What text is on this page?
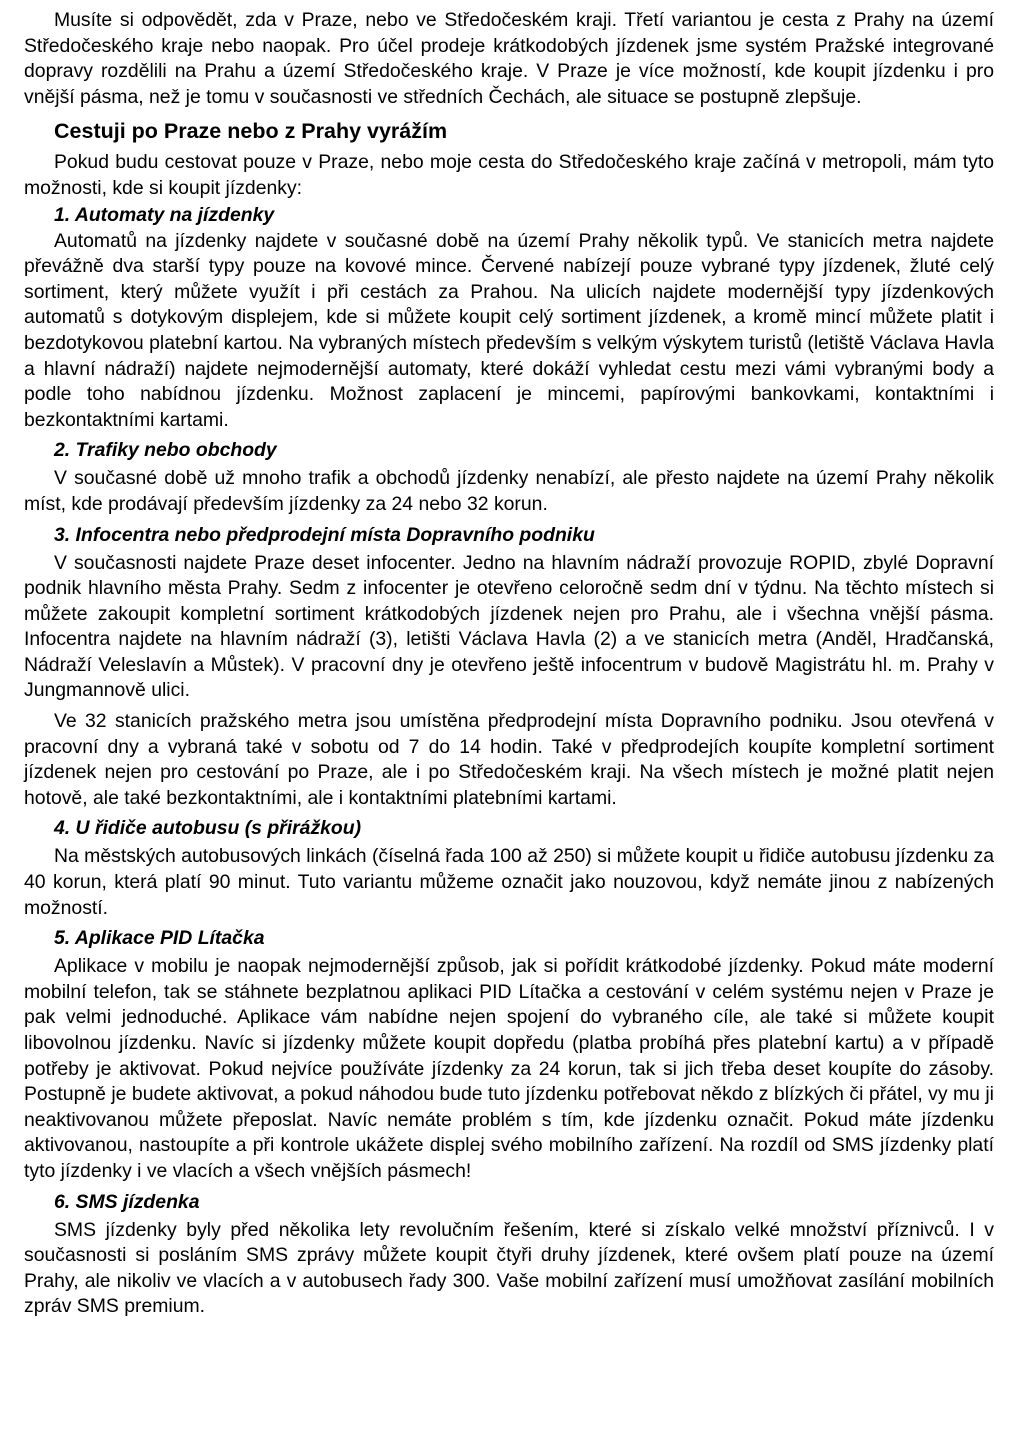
Musíte si odpovědět, zda v Praze, nebo ve Středočeském kraji. Třetí variantou je cesta z Prahy na území Středočeského kraje nebo naopak. Pro účel prodeje krátkodobých jízdenek jsme systém Pražské integrované dopravy rozdělili na Prahu a území Středočeského kraje. V Praze je více možností, kde koupit jízdenku i pro vnější pásma, než je tomu v současnosti ve středních Čechách, ale situace se postupně zlepšuje.

Cestuji po Praze nebo z Prahy vyrážím

Pokud budu cestovat pouze v Praze, nebo moje cesta do Středočeského kraje začíná v metropoli, mám tyto možnosti, kde si koupit jízdenky:

1. Automaty na jízdenky

Automatů na jízdenky najdete v současné době na území Prahy několik typů. Ve stanicích metra najdete převážně dva starší typy pouze na kovové mince. Červené nabízejí pouze vybrané typy jízdenek, žluté celý sortiment, který můžete využít i při cestách za Prahou. Na ulicích najdete modernější typy jízdenkových automatů s dotykovým displejem, kde si můžete koupit celý sortiment jízdenek, a kromě mincí můžete platit i bezdotykovou platební kartou. Na vybraných místech především s velkým výskytem turistů (letiště Václava Havla a hlavní nádraží) najdete nejmodernější automaty, které dokáží vyhledat cestu mezi vámi vybranými body a podle toho nabídnou jízdenku. Možnost zaplacení je mincemi, papírovými bankovkami, kontaktními i bezkontaktními kartami.

2. Trafiky nebo obchody

V současné době už mnoho trafik a obchodů jízdenky nenabízí, ale přesto najdete na území Prahy několik míst, kde prodávají především jízdenky za 24 nebo 32 korun.

3. Infocentra nebo předprodejní místa Dopravního podniku

V současnosti najdete Praze deset infocenter. Jedno na hlavním nádraží provozuje ROPID, zbylé Dopravní podnik hlavního města Prahy. Sedm z infocenter je otevřeno celoročně sedm dní v týdnu. Na těchto místech si můžete zakoupit kompletní sortiment krátkodobých jízdenek nejen pro Prahu, ale i všechna vnější pásma. Infocentra najdete na hlavním nádraží (3), letišti Václava Havla (2) a ve stanicích metra (Anděl, Hradčanská, Nádraží Veleslavín a Můstek). V pracovní dny je otevřeno ještě infocentrum v budově Magistrátu hl. m. Prahy v Jungmannově ulici.

Ve 32 stanicích pražského metra jsou umístěna předprodejní místa Dopravního podniku. Jsou otevřená v pracovní dny a vybraná také v sobotu od 7 do 14 hodin. Také v předprodejích koupíte kompletní sortiment jízdenek nejen pro cestování po Praze, ale i po Středočeském kraji. Na všech místech je možné platit nejen hotově, ale také bezkontaktními, ale i kontaktními platebními kartami.

4. U řidiče autobusu (s přirážkou)

Na městských autobusových linkách (číselná řada 100 až 250) si můžete koupit u řidiče autobusu jízdenku za 40 korun, která platí 90 minut. Tuto variantu můžeme označit jako nouzovou, když nemáte jinou z nabízených možností.

5. Aplikace PID Lítačka

Aplikace v mobilu je naopak nejmodernější způsob, jak si pořídit krátkodobé jízdenky. Pokud máte moderní mobilní telefon, tak se stáhnete bezplatnou aplikaci PID Lítačka a cestování v celém systému nejen v Praze je pak velmi jednoduché. Aplikace vám nabídne nejen spojení do vybraného cíle, ale také si můžete koupit libovolnou jízdenku. Navíc si jízdenky můžete koupit dopředu (platba probíhá přes platební kartu) a v případě potřeby je aktivovat. Pokud nejvíce používáte jízdenky za 24 korun, tak si jich třeba deset koupíte do zásoby. Postupně je budete aktivovat, a pokud náhodou bude tuto jízdenku potřebovat někdo z blízkých či přátel, vy mu ji neaktivovanou můžete přeposlat. Navíc nemáte problém s tím, kde jízdenku označit. Pokud máte jízdenku aktivovanou, nastoupíte a při kontrole ukážete displej svého mobilního zařízení. Na rozdíl od SMS jízdenky platí tyto jízdenky i ve vlacích a všech vnějších pásmech!

6. SMS jízdenka

SMS jízdenky byly před několika lety revolučním řešením, které si získalo velké množství příznivců. I v současnosti si posláním SMS zprávy můžete koupit čtyři druhy jízdenek, které ovšem platí pouze na území Prahy, ale nikoliv ve vlacích a v autobusech řady 300. Vaše mobilní zařízení musí umožňovat zasílání mobilních zpráv SMS premium.
